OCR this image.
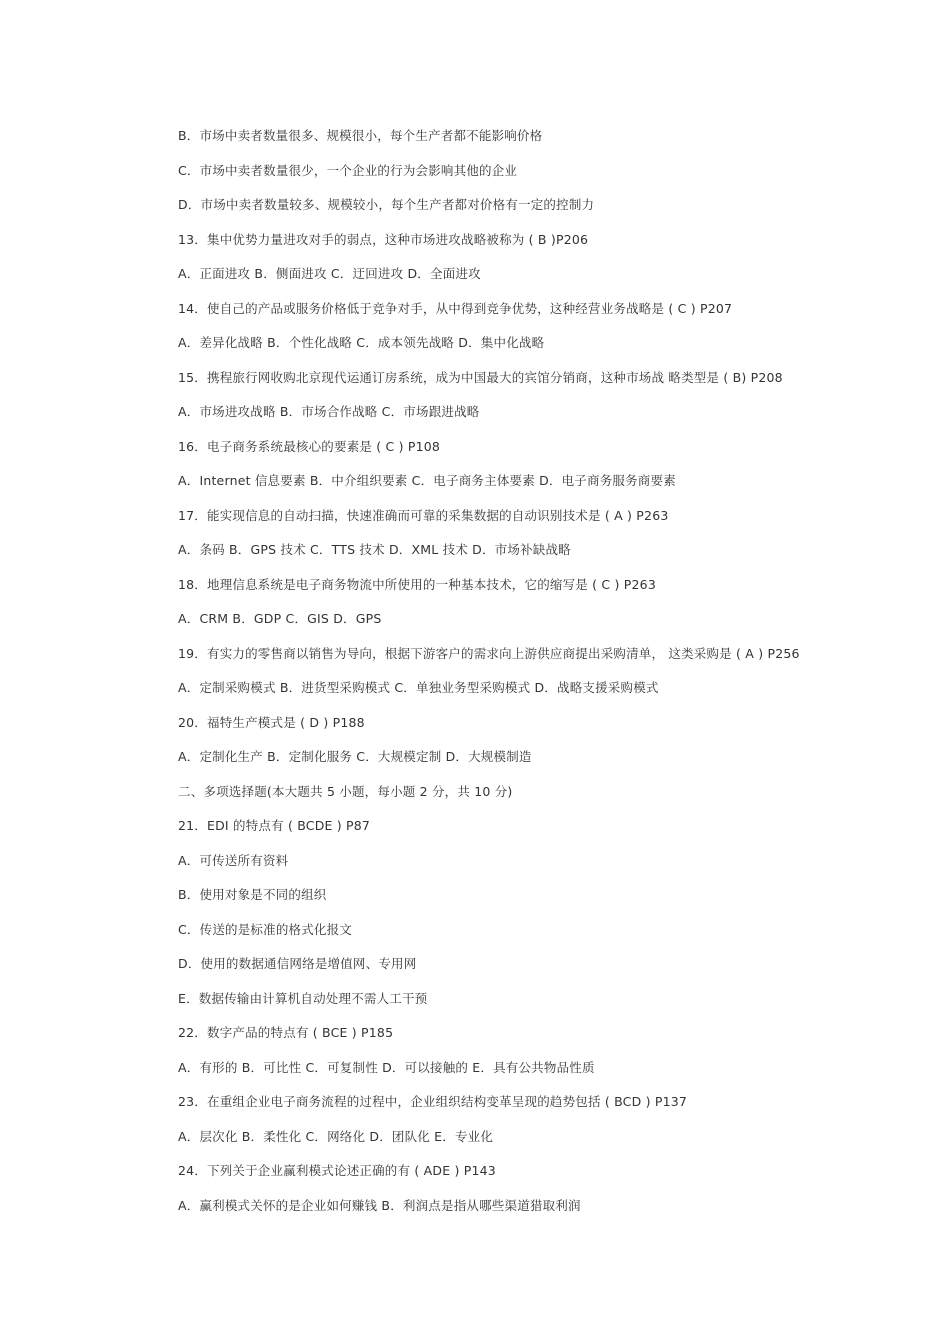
B．市场中卖者数量很多、规模很小，每个生产者都不能影响价格
C．市场中卖者数量很少，一个企业的行为会影响其他的企业
D．市场中卖者数量较多、规模较小，每个生产者都对价格有一定的控制力
13．集中优势力量进攻对手的弱点，这种市场进攻战略被称为 ( B )P206
A．正面进攻 B．侧面进攻 C．迂回进攻 D．全面进攻
14．使自己的产品或服务价格低于竞争对手，从中得到竞争优势，这种经营业务战略是 ( C ) P207
A．差异化战略 B．个性化战略 C．成本领先战略 D．集中化战略
15．携程旅行网收购北京现代运通订房系统，成为中国最大的宾馆分销商，这种市场战 略类型是 ( B) P208
A．市场进攻战略 B．市场合作战略 C．市场跟进战略
16．电子商务系统最核心的要素是 ( C ) P108
A．Internet 信息要素 B．中介组织要素 C．电子商务主体要素 D．电子商务服务商要素
17．能实现信息的自动扫描，快速准确而可靠的采集数据的自动识别技术是 ( A ) P263
A．条码 B．GPS 技术 C．TTS 技术 D．XML 技术 D．市场补缺战略
18．地理信息系统是电子商务物流中所使用的一种基本技术，它的缩写是 ( C ) P263
A．CRM B．GDP C．GIS D．GPS
19．有实力的零售商以销售为导向，根据下游客户的需求向上游供应商提出采购清单， 这类采购是 ( A ) P256
A．定制采购模式 B．进货型采购模式 C．单独业务型采购模式 D．战略支援采购模式
20．福特生产模式是 ( D ) P188
A．定制化生产 B．定制化服务 C．大规模定制 D．大规模制造
二、多项选择题(本大题共 5 小题，每小题 2 分，共 10 分)
21．EDI 的特点有 ( BCDE ) P87
A．可传送所有资料
B．使用对象是不同的组织
C．传送的是标准的格式化报文
D．使用的数据通信网络是增值网、专用网
E．数据传输由计算机自动处理不需人工干预
22．数字产品的特点有 ( BCE ) P185
A．有形的 B．可比性 C．可复制性 D．可以接触的 E．具有公共物品性质
23．在重组企业电子商务流程的过程中，企业组织结构变革呈现的趋势包括 ( BCD ) P137
A．层次化 B．柔性化 C．网络化 D．团队化 E．专业化
24．下列关于企业赢利模式论述正确的有 ( ADE ) P143
A．赢利模式关怀的是企业如何赚钱 B．利润点是指从哪些渠道猎取利润
